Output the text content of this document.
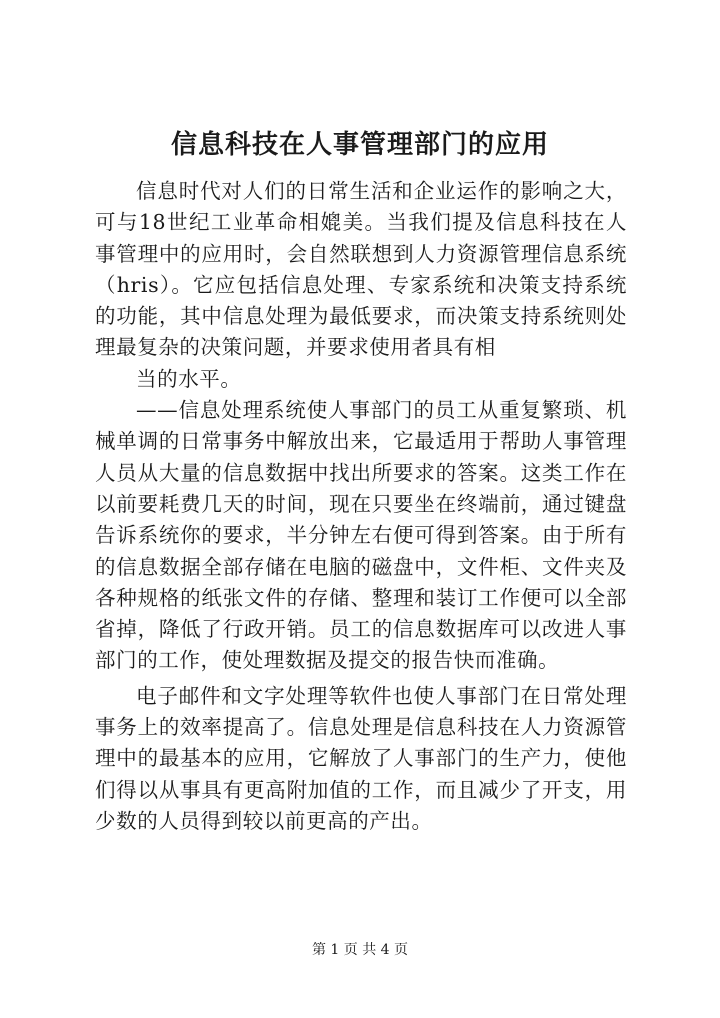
信息科技在人事管理部门的应用

信息时代对人们的日常生活和企业运作的影响之大，可与18世纪工业革命相媲美。当我们提及信息科技在人事管理中的应用时，会自然联想到人力资源管理信息系统（hris）。它应包括信息处理、专家系统和决策支持系统的功能，其中信息处理为最低要求，而决策支持系统则处理最复杂的决策问题，并要求使用者具有相

当的水平。

——信息处理系统使人事部门的员工从重复繁琐、机械单调的日常事务中解放出来，它最适用于帮助人事管理人员从大量的信息数据中找出所要求的答案。这类工作在以前要耗费几天的时间，现在只要坐在终端前，通过键盘告诉系统你的要求，半分钟左右便可得到答案。由于所有的信息数据全部存储在电脑的磁盘中，文件柜、文件夹及各种规格的纸张文件的存储、整理和装订工作便可以全部省掉，降低了行政开销。员工的信息数据库可以改进人事部门的工作，使处理数据及提交的报告快而准确。

电子邮件和文字处理等软件也使人事部门在日常处理事务上的效率提高了。信息处理是信息科技在人力资源管理中的最基本的应用，它解放了人事部门的生产力，使他们得以从事具有更高附加值的工作，而且减少了开支，用少数的人员得到较以前更高的产出。

第 1 页 共 4 页
